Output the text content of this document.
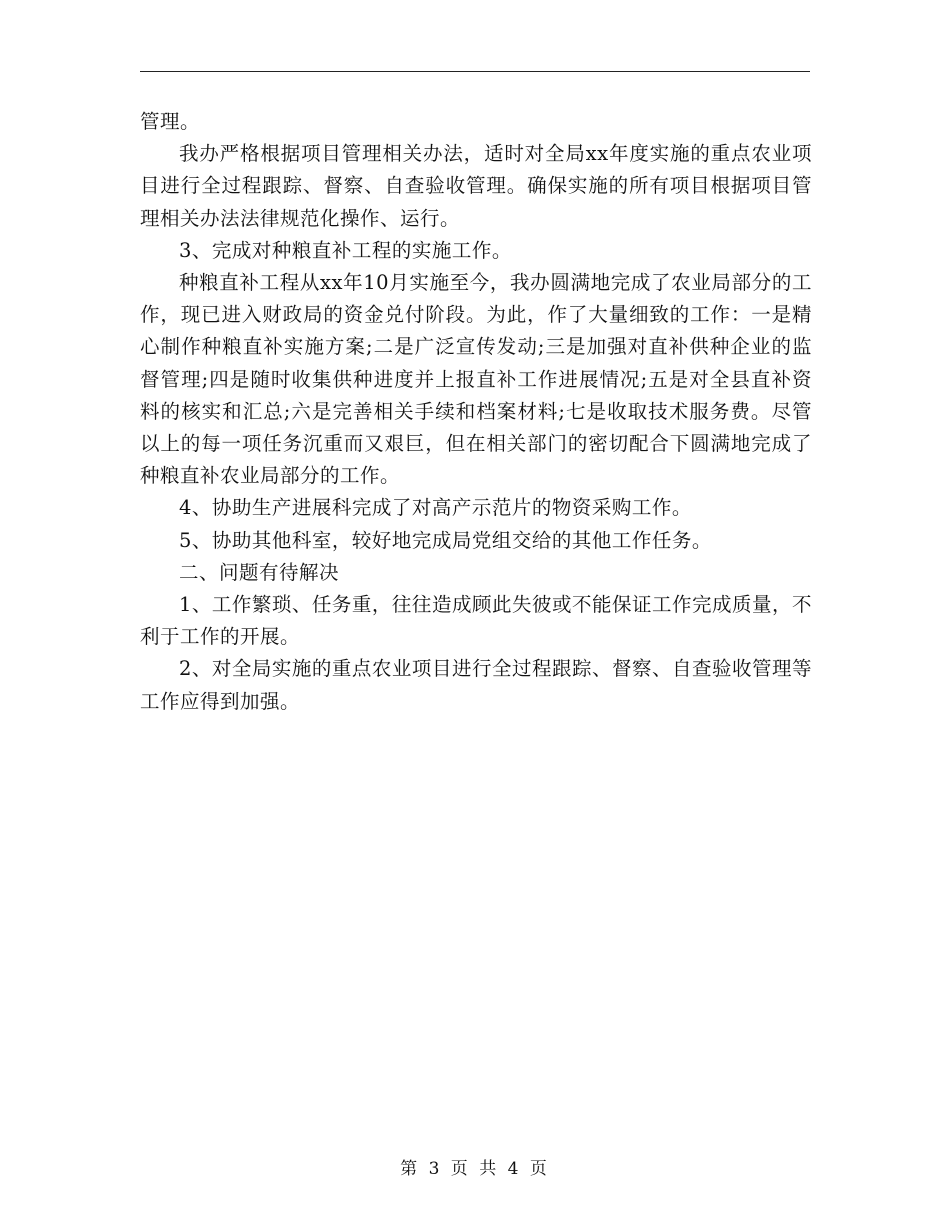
管理。

我办严格根据项目管理相关办法，适时对全局xx年度实施的重点农业项目进行全过程跟踪、督察、自查验收管理。确保实施的所有项目根据项目管理相关办法法律规范化操作、运行。

3、完成对种粮直补工程的实施工作。

种粮直补工程从xx年10月实施至今，我办圆满地完成了农业局部分的工作，现已进入财政局的资金兑付阶段。为此，作了大量细致的工作：一是精心制作种粮直补实施方案;二是广泛宣传发动;三是加强对直补供种企业的监督管理;四是随时收集供种进度并上报直补工作进展情况;五是对全县直补资料的核实和汇总;六是完善相关手续和档案材料;七是收取技术服务费。尽管以上的每一项任务沉重而又艰巨，但在相关部门的密切配合下圆满地完成了种粮直补农业局部分的工作。

4、协助生产进展科完成了对高产示范片的物资采购工作。

5、协助其他科室，较好地完成局党组交给的其他工作任务。

二、问题有待解决

1、工作繁琐、任务重，往往造成顾此失彼或不能保证工作完成质量，不利于工作的开展。

2、对全局实施的重点农业项目进行全过程跟踪、督察、自查验收管理等工作应得到加强。

第 3 页 共 4 页
